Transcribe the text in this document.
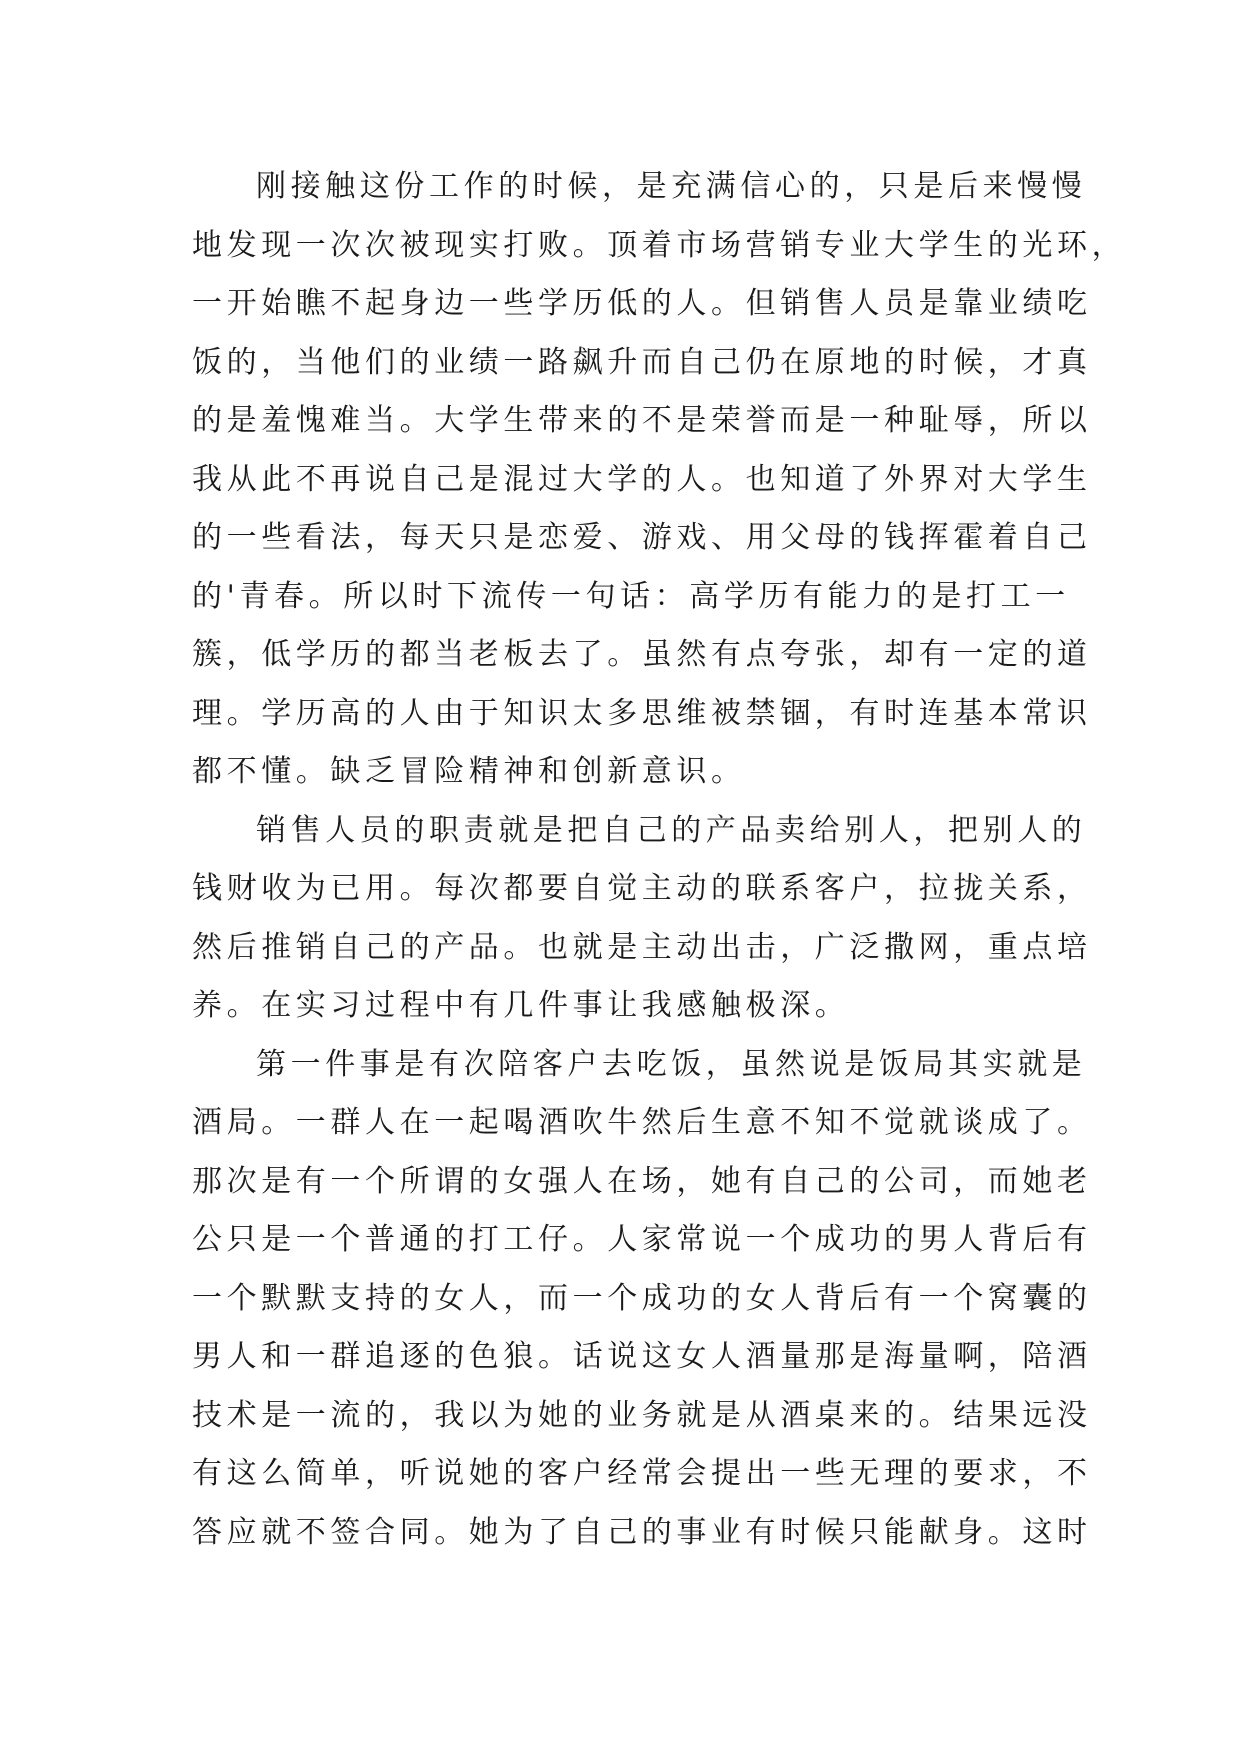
刚接触这份工作的时候，是充满信心的，只是后来慢慢
地发现一次次被现实打败。顶着市场营销专业大学生的光环，
一开始瞧不起身边一些学历低的人。但销售人员是靠业绩吃
饭的，当他们的业绩一路飙升而自己仍在原地的时候，才真
的是羞愧难当。大学生带来的不是荣誉而是一种耻辱，所以
我从此不再说自己是混过大学的人。也知道了外界对大学生
的一些看法，每天只是恋爱、游戏、用父母的钱挥霍着自己
的'青春。所以时下流传一句话：高学历有能力的是打工一
簇，低学历的都当老板去了。虽然有点夸张，却有一定的道
理。学历高的人由于知识太多思维被禁锢，有时连基本常识
都不懂。缺乏冒险精神和创新意识。
销售人员的职责就是把自己的产品卖给别人，把别人的
钱财收为已用。每次都要自觉主动的联系客户，拉拢关系，
然后推销自己的产品。也就是主动出击，广泛撒网，重点培
养。在实习过程中有几件事让我感触极深。
第一件事是有次陪客户去吃饭，虽然说是饭局其实就是
酒局。一群人在一起喝酒吹牛然后生意不知不觉就谈成了。
那次是有一个所谓的女强人在场，她有自己的公司，而她老
公只是一个普通的打工仔。人家常说一个成功的男人背后有
一个默默支持的女人，而一个成功的女人背后有一个窝囊的
男人和一群追逐的色狼。话说这女人酒量那是海量啊，陪酒
技术是一流的，我以为她的业务就是从酒桌来的。结果远没
有这么简单，听说她的客户经常会提出一些无理的要求，不
答应就不签合同。她为了自己的事业有时候只能献身。这时
